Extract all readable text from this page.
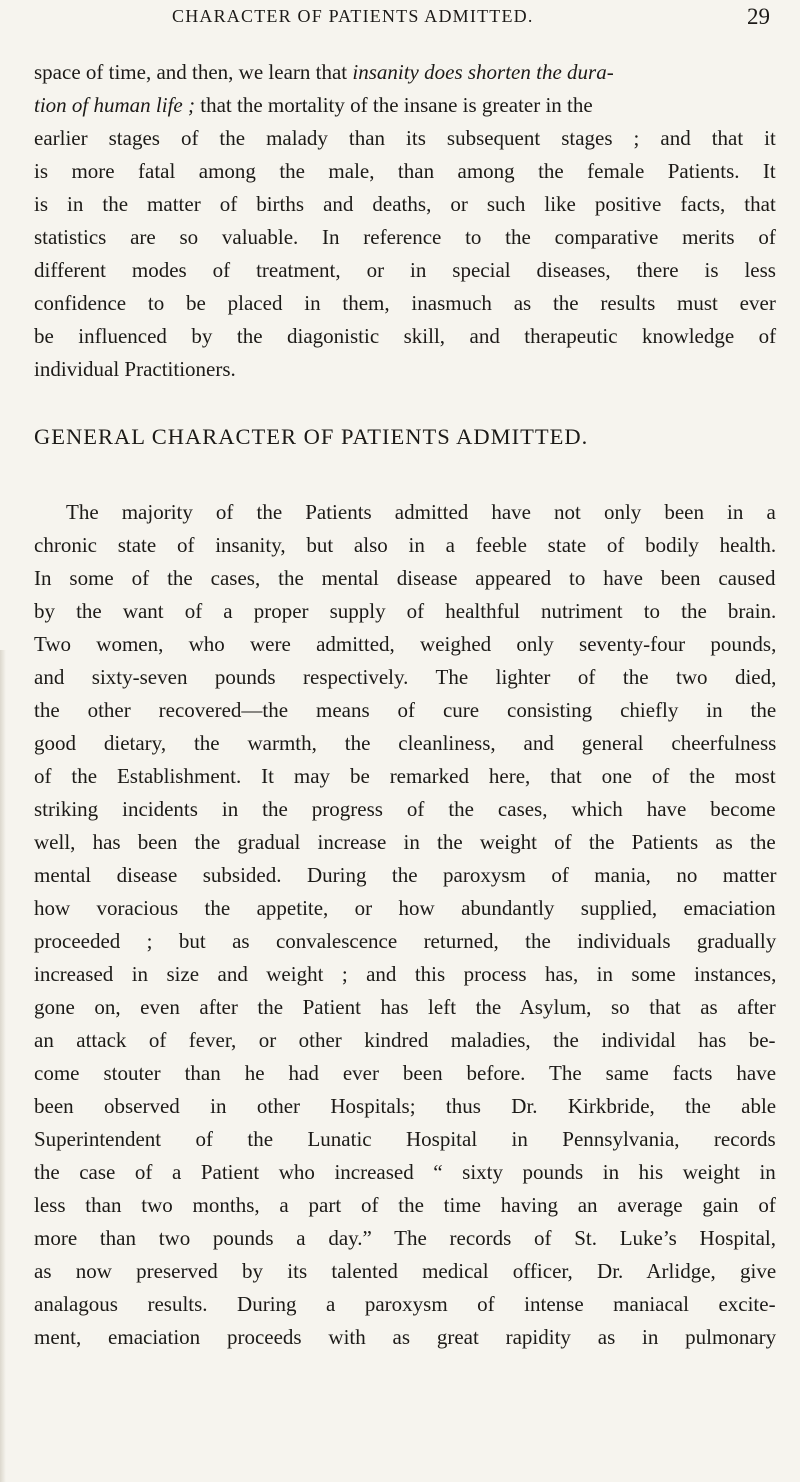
CHARACTER OF PATIENTS ADMITTED.	29
space of time, and then, we learn that insanity does shorten the dura-
tion of human life ; that the mortality of the insane is greater in the
earlier stages of the malady than its subsequent stages ; and that it
is more fatal among the male, than among the female Patients. It
is in the matter of births and deaths, or such like positive facts, that
statistics are so valuable. In reference to the comparative merits of
different modes of treatment, or in special diseases, there is less
confidence to be placed in them, inasmuch as the results must ever
be influenced by the diagonistic skill, and therapeutic knowledge of
individual Practitioners.
GENERAL CHARACTER OF PATIENTS ADMITTED.
The majority of the Patients admitted have not only been in a
chronic state of insanity, but also in a feeble state of bodily health.
In some of the cases, the mental disease appeared to have been caused
by the want of a proper supply of healthful nutriment to the brain.
Two women, who were admitted, weighed only seventy-four pounds,
and sixty-seven pounds respectively. The lighter of the two died,
the other recovered—the means of cure consisting chiefly in the
good dietary, the warmth, the cleanliness, and general cheerfulness
of the Establishment. It may be remarked here, that one of the most
striking incidents in the progress of the cases, which have become
well, has been the gradual increase in the weight of the Patients as the
mental disease subsided. During the paroxysm of mania, no matter
how voracious the appetite, or how abundantly supplied, emaciation
proceeded ; but as convalescence returned, the individuals gradually
increased in size and weight ; and this process has, in some instances,
gone on, even after the Patient has left the Asylum, so that as after
an attack of fever, or other kindred maladies, the individal has be-
come stouter than he had ever been before. The same facts have
been observed in other Hospitals; thus Dr. Kirkbride, the able
Superintendent of the Lunatic Hospital in Pennsylvania, records
the case of a Patient who increased “ sixty pounds in his weight in
less than two months, a part of the time having an average gain of
more than two pounds a day.” The records of St. Luke’s Hospital,
as now preserved by its talented medical officer, Dr. Arlidge, give
analagous results. During a paroxysm of intense maniacal excite-
ment, emaciation proceeds with as great rapidity as in pulmonary
